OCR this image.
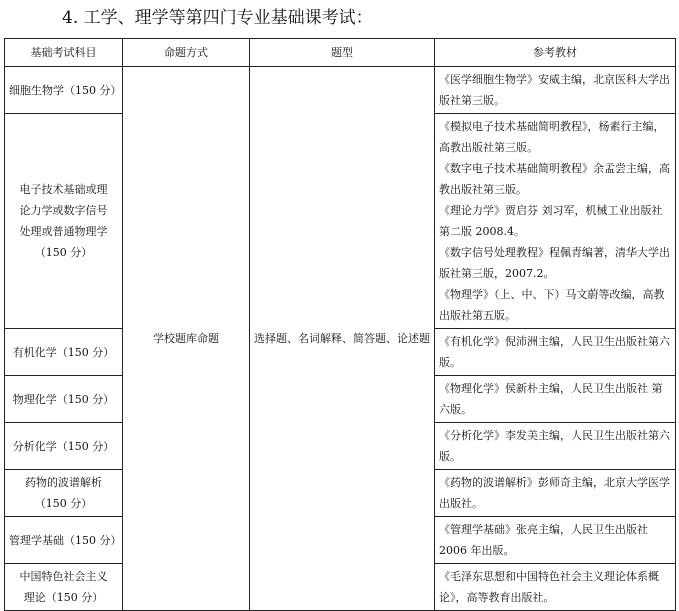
4. 工学、理学等第四门专业基础课考试：
基础考试科目	命题方式	题型	参考教材

细胞生物学（150 分）	学校题库命题	选择题、名词解释、简答题、论述题	《医学细胞生物学》安威主编，北京医科大学出版社第三版。

电子技术基础或理
论力学或数字信号
处理或普通物理学
（150 分）			《模拟电子技术基础简明教程》，杨素行主编，高教出版社第三版。
《数字电子技术基础简明教程》余孟尝主编，高教出版社第三版。
《理论力学》贾启芬 刘习军，机械工业出版社第二版 2008.4。
《数字信号处理教程》程佩青编著，清华大学出版社第三版，2007.2。
《物理学》（上、中、下）马文蔚等改编，高教出版社第五版。

有机化学（150 分）			《有机化学》倪沛洲主编，人民卫生出版社第六版。

物理化学（150 分）			《物理化学》侯新朴主编，人民卫生出版社 第六版。

分析化学（150 分）			《分析化学》李发美主编，人民卫生出版社第六版。

药物的波谱解析
（150 分）			《药物的波谱解析》彭师奇主编，北京大学医学出版社。

管理学基础（150 分）			《管理学基础》张亮主编，人民卫生出版社 2006 年出版。

中国特色社会主义
理论（150 分）			《毛泽东思想和中国特色社会主义理论体系概论》，高等教育出版社。
